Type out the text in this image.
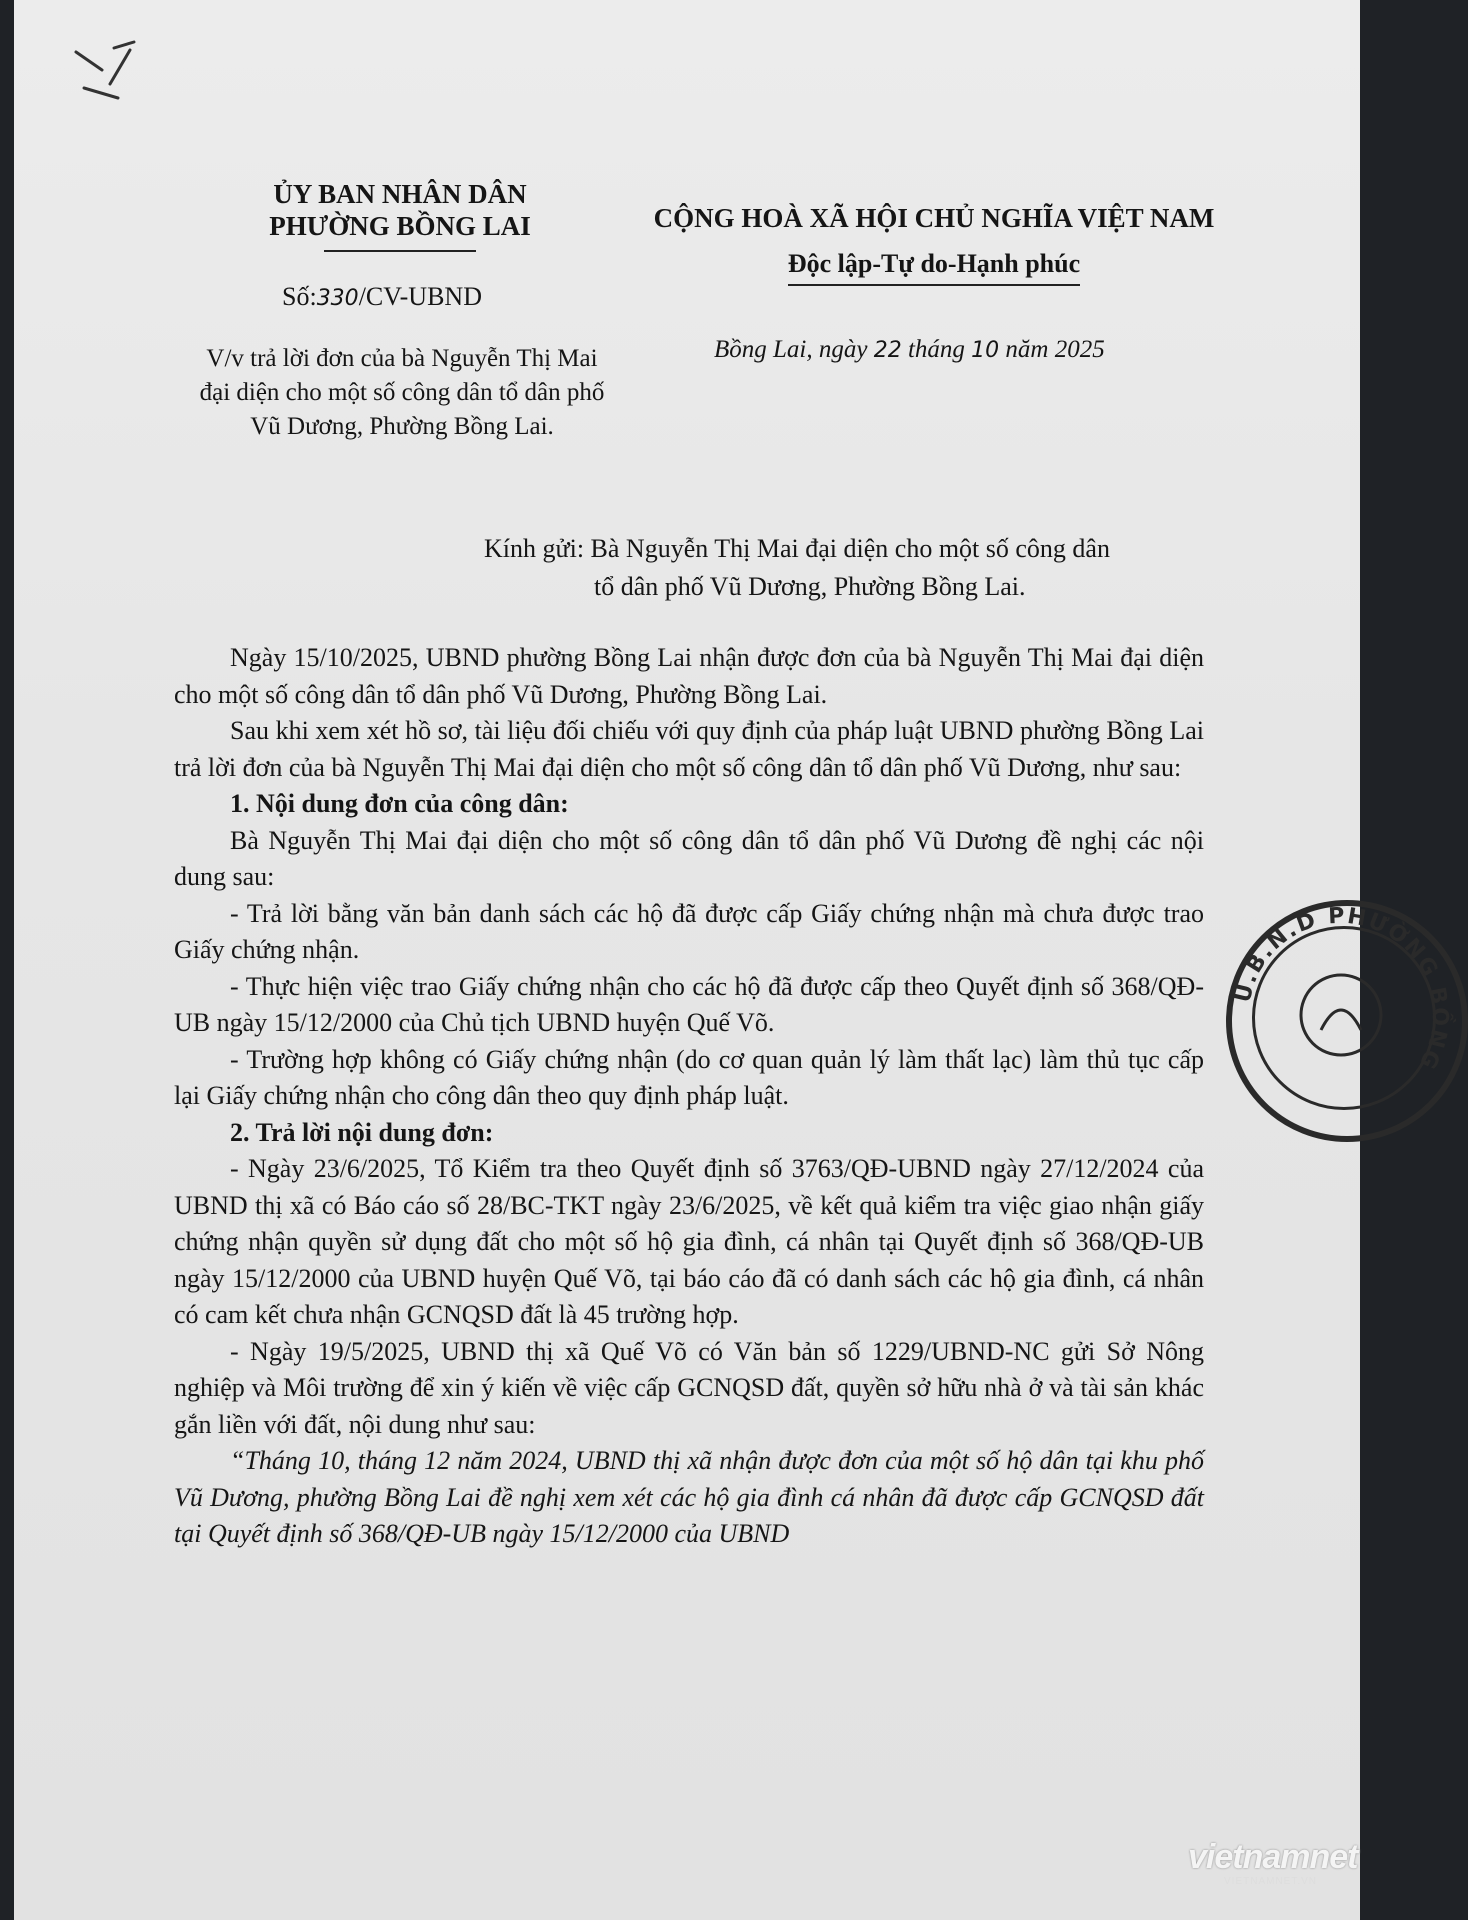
ỦY BAN NHÂN DÂN
PHƯỜNG BỒNG LAI
Số:330/CV-UBND
V/v trả lời đơn của bà Nguyễn Thị Mai đại diện cho một số công dân tổ dân phố Vũ Dương, Phường Bồng Lai.
CỘNG HOÀ XÃ HỘI CHỦ NGHĨA VIỆT NAM
Độc lập-Tự do-Hạnh phúc
Bồng Lai, ngày 22 tháng 10 năm 2025
Kính gửi: Bà Nguyễn Thị Mai đại diện cho một số công dân
tổ dân phố Vũ Dương, Phường Bồng Lai.

Ngày 15/10/2025, UBND phường Bồng Lai nhận được đơn của bà Nguyễn Thị Mai đại diện cho một số công dân tổ dân phố Vũ Dương, Phường Bồng Lai.

Sau khi xem xét hồ sơ, tài liệu đối chiếu với quy định của pháp luật UBND phường Bồng Lai trả lời đơn của bà Nguyễn Thị Mai đại diện cho một số công dân tổ dân phố Vũ Dương, như sau:

1. Nội dung đơn của công dân:

Bà Nguyễn Thị Mai đại diện cho một số công dân tổ dân phố Vũ Dương đề nghị các nội dung sau:

- Trả lời bằng văn bản danh sách các hộ đã được cấp Giấy chứng nhận mà chưa được trao Giấy chứng nhận.

- Thực hiện việc trao Giấy chứng nhận cho các hộ đã được cấp theo Quyết định số 368/QĐ-UB ngày 15/12/2000 của Chủ tịch UBND huyện Quế Võ.

- Trường hợp không có Giấy chứng nhận (do cơ quan quản lý làm thất lạc) làm thủ tục cấp lại Giấy chứng nhận cho công dân theo quy định pháp luật.

2. Trả lời nội dung đơn:

- Ngày 23/6/2025, Tổ Kiểm tra theo Quyết định số 3763/QĐ-UBND ngày 27/12/2024 của UBND thị xã có Báo cáo số 28/BC-TKT ngày 23/6/2025, về kết quả kiểm tra việc giao nhận giấy chứng nhận quyền sử dụng đất cho một số hộ gia đình, cá nhân tại Quyết định số 368/QĐ-UB ngày 15/12/2000 của UBND huyện Quế Võ, tại báo cáo đã có danh sách các hộ gia đình, cá nhân có cam kết chưa nhận GCNQSD đất là 45 trường hợp.

- Ngày 19/5/2025, UBND thị xã Quế Võ có Văn bản số 1229/UBND-NC gửi Sở Nông nghiệp và Môi trường để xin ý kiến về việc cấp GCNQSD đất, quyền sở hữu nhà ở và tài sản khác gắn liền với đất, nội dung như sau:

“Tháng 10, tháng 12 năm 2024, UBND thị xã nhận được đơn của một số hộ dân tại khu phố Vũ Dương, phường Bồng Lai đề nghị xem xét các hộ gia đình cá nhân đã được cấp GCNQSD đất tại Quyết định số 368/QĐ-UB ngày 15/12/2000 của UBND

U.B.N.D PHƯỜNG BỒNG
vietnamnet
VIETNAMNET.VN
